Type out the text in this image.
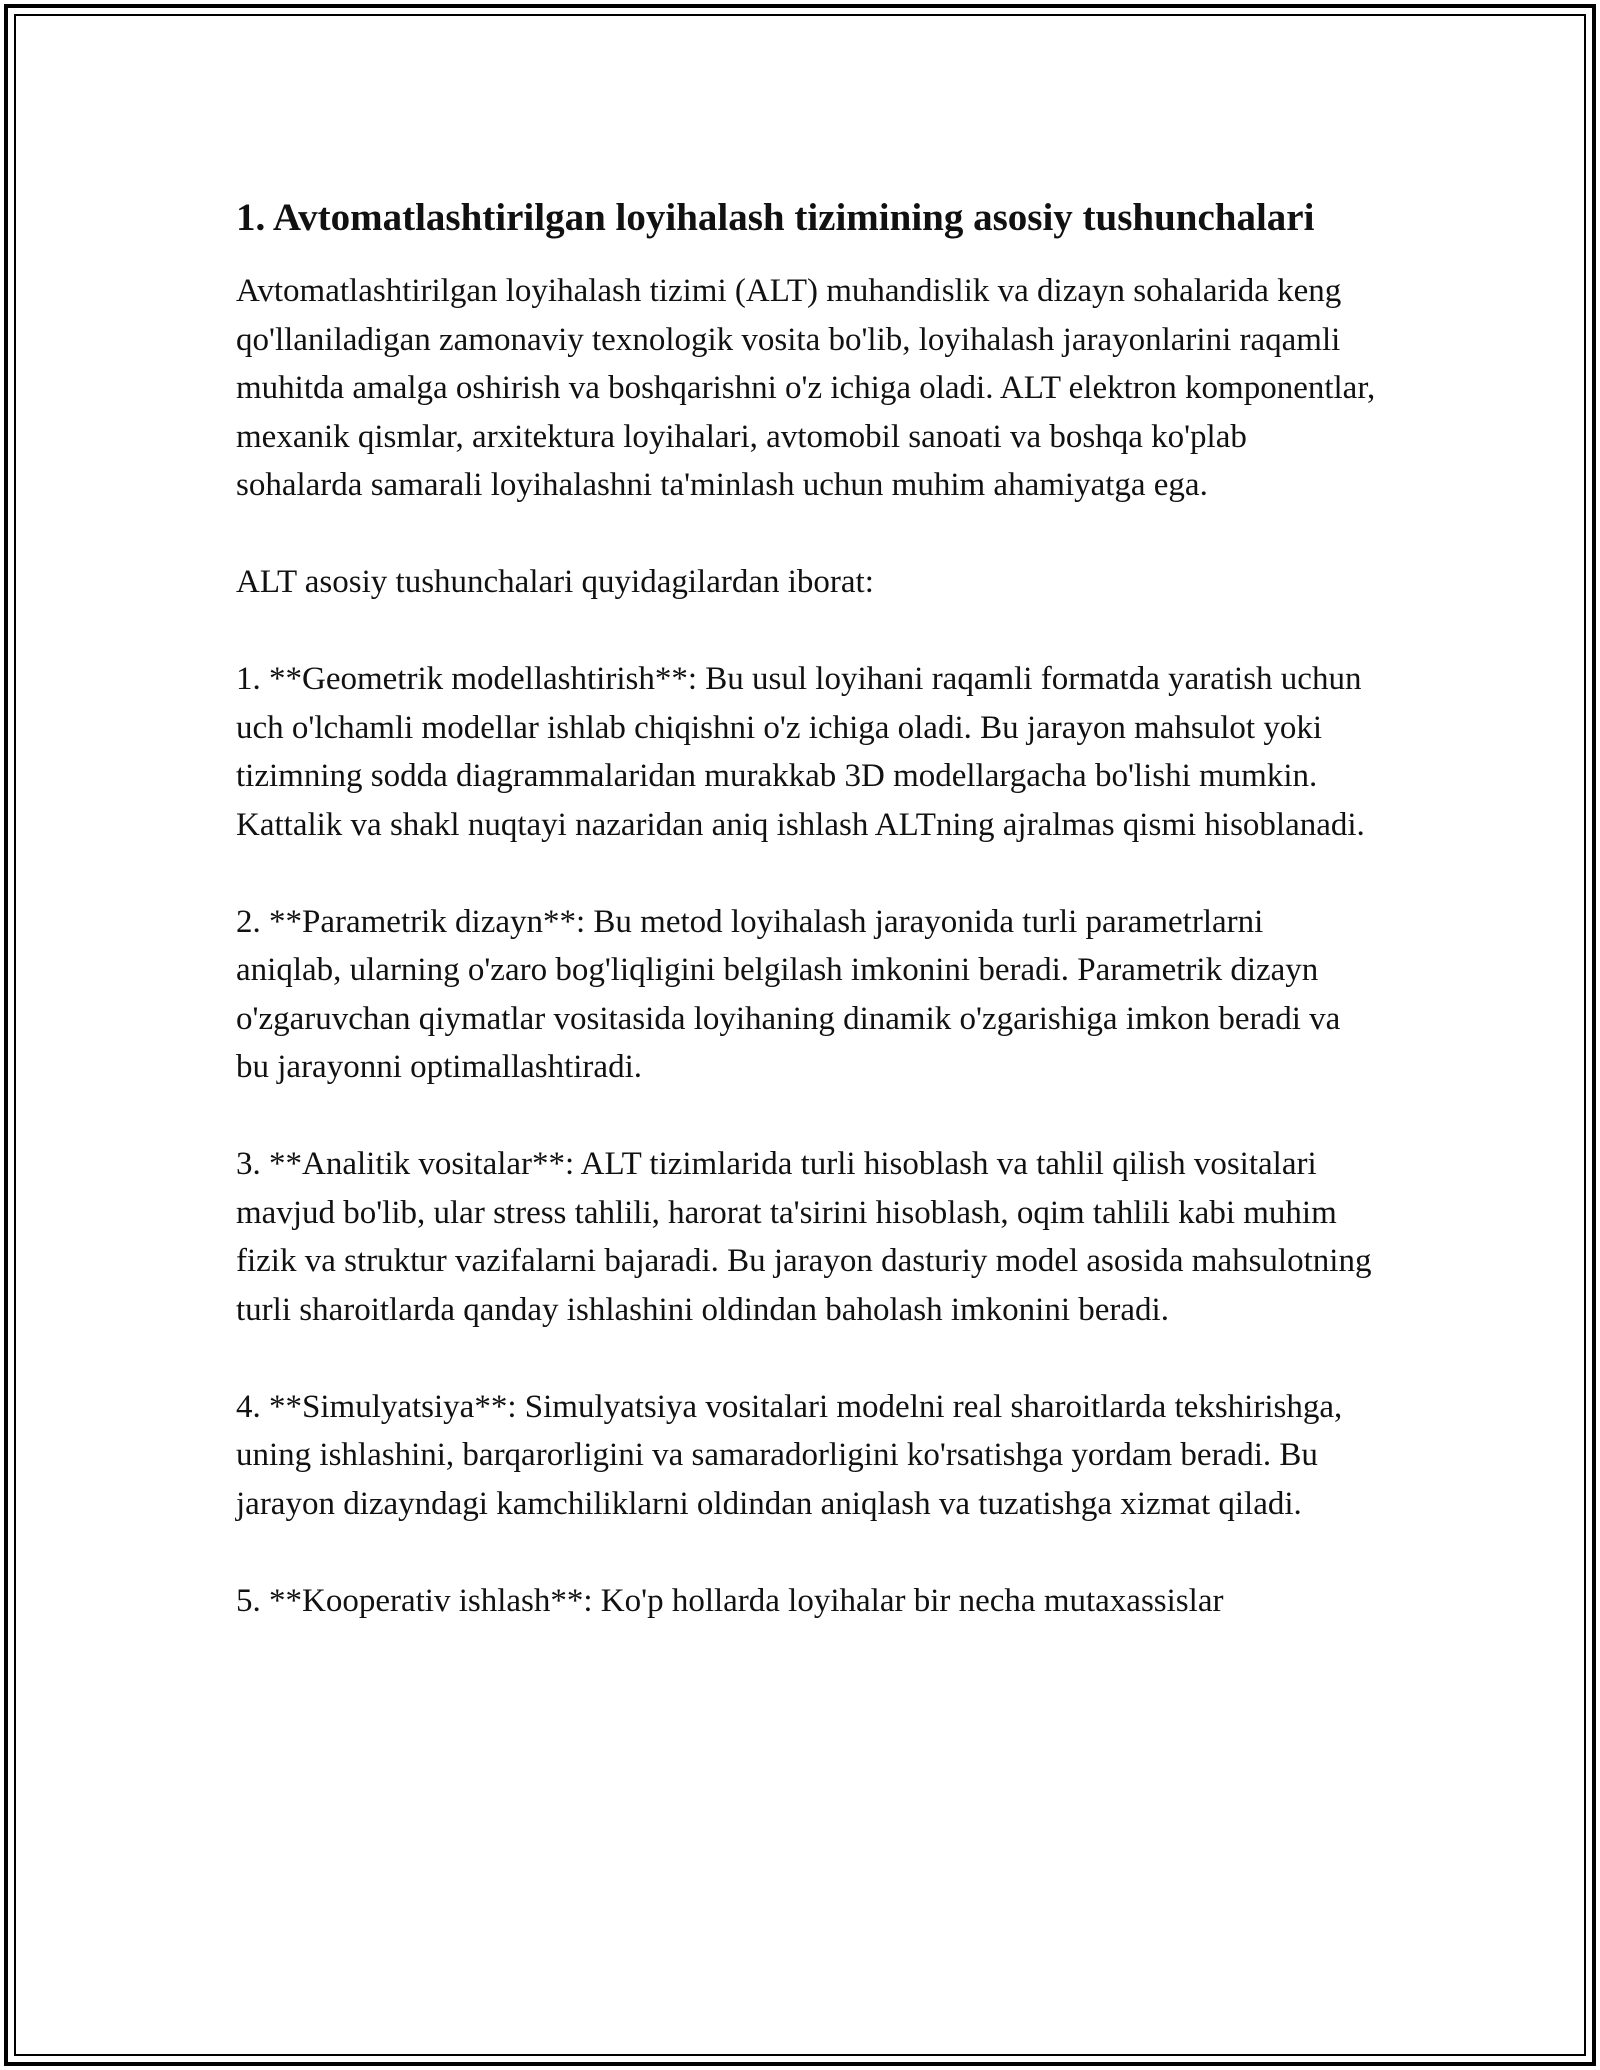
1. Avtomatlashtirilgan loyihalash tizimining asosiy tushunchalari

Avtomatlashtirilgan loyihalash tizimi (ALT) muhandislik va dizayn sohalarida keng qo'llaniladigan zamonaviy texnologik vosita bo'lib, loyihalash jarayonlarini raqamli muhitda amalga oshirish va boshqarishni o'z ichiga oladi. ALT elektron komponentlar, mexanik qismlar, arxitektura loyihalari, avtomobil sanoati va boshqa ko'plab sohalarda samarali loyihalashni ta'minlash uchun muhim ahamiyatga ega.

ALT asosiy tushunchalari quyidagilardan iborat:

1. **Geometrik modellashtirish**: Bu usul loyihani raqamli formatda yaratish uchun uch o'lchamli modellar ishlab chiqishni o'z ichiga oladi. Bu jarayon mahsulot yoki tizimning sodda diagrammalaridan murakkab 3D modellargacha bo'lishi mumkin. Kattalik va shakl nuqtayi nazaridan aniq ishlash ALTning ajralmas qismi hisoblanadi.

2. **Parametrik dizayn**: Bu metod loyihalash jarayonida turli parametrlarni aniqlab, ularning o'zaro bog'liqligini belgilash imkonini beradi. Parametrik dizayn o'zgaruvchan qiymatlar vositasida loyihaning dinamik o'zgarishiga imkon beradi va bu jarayonni optimallashtiradi.

3. **Analitik vositalar**: ALT tizimlarida turli hisoblash va tahlil qilish vositalari mavjud bo'lib, ular stress tahlili, harorat ta'sirini hisoblash, oqim tahlili kabi muhim fizik va struktur vazifalarni bajaradi. Bu jarayon dasturiy model asosida mahsulotning turli sharoitlarda qanday ishlashini oldindan baholash imkonini beradi.

4. **Simulyatsiya**: Simulyatsiya vositalari modelni real sharoitlarda tekshirishga, uning ishlashini, barqarorligini va samaradorligini ko'rsatishga yordam beradi. Bu jarayon dizayndagi kamchiliklarni oldindan aniqlash va tuzatishga xizmat qiladi.

5. **Kooperativ ishlash**: Ko'p hollarda loyihalar bir necha mutaxassislar
